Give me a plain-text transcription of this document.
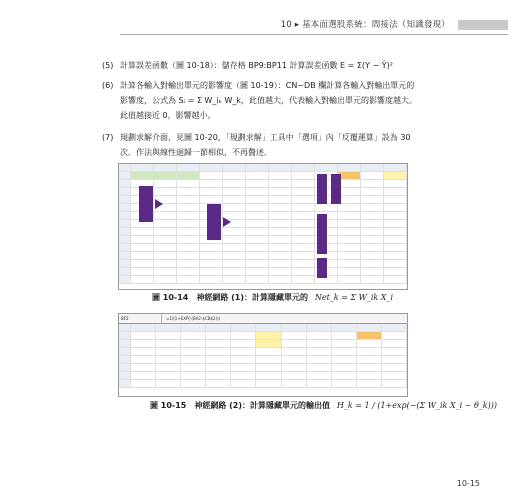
10 ▸ 基本面選股系統：間接法（知識發現）
(5) 計算誤差函數（圖 10-18）：儲存格 BP9:BP11 計算誤差函數 E = Σ(Y − Ŷ)²
(6) 計算各輸入對輸出單元的影響度（圖 10-19）：CN~DB 欄計算各輸入對輸出單元的影響度，公式為 Sᵢ = Σ W_iₖ W_k，此值越大，代表輸入對輸出單元的影響度越大。此值越接近 0，影響越小。
(7) 規劃求解介面，見圖 10-20，「規劃求解」工具中「選項」內「反覆運算」設為 30 次。作法與線性迴歸一節相似，不再贅述。
圖 10-14　神經網路 (1)：計算隱藏單元的 Net_k = Σ W_ik X_i
BF2	=1/(1+EXP(-(BA2-$CB$2)))
圖 10-15　神經網路 (2)：計算隱藏單元的輸出值 H_k = 1 / (1+exp(−(Σ W_ik X_i − θ_k)))
10-15
